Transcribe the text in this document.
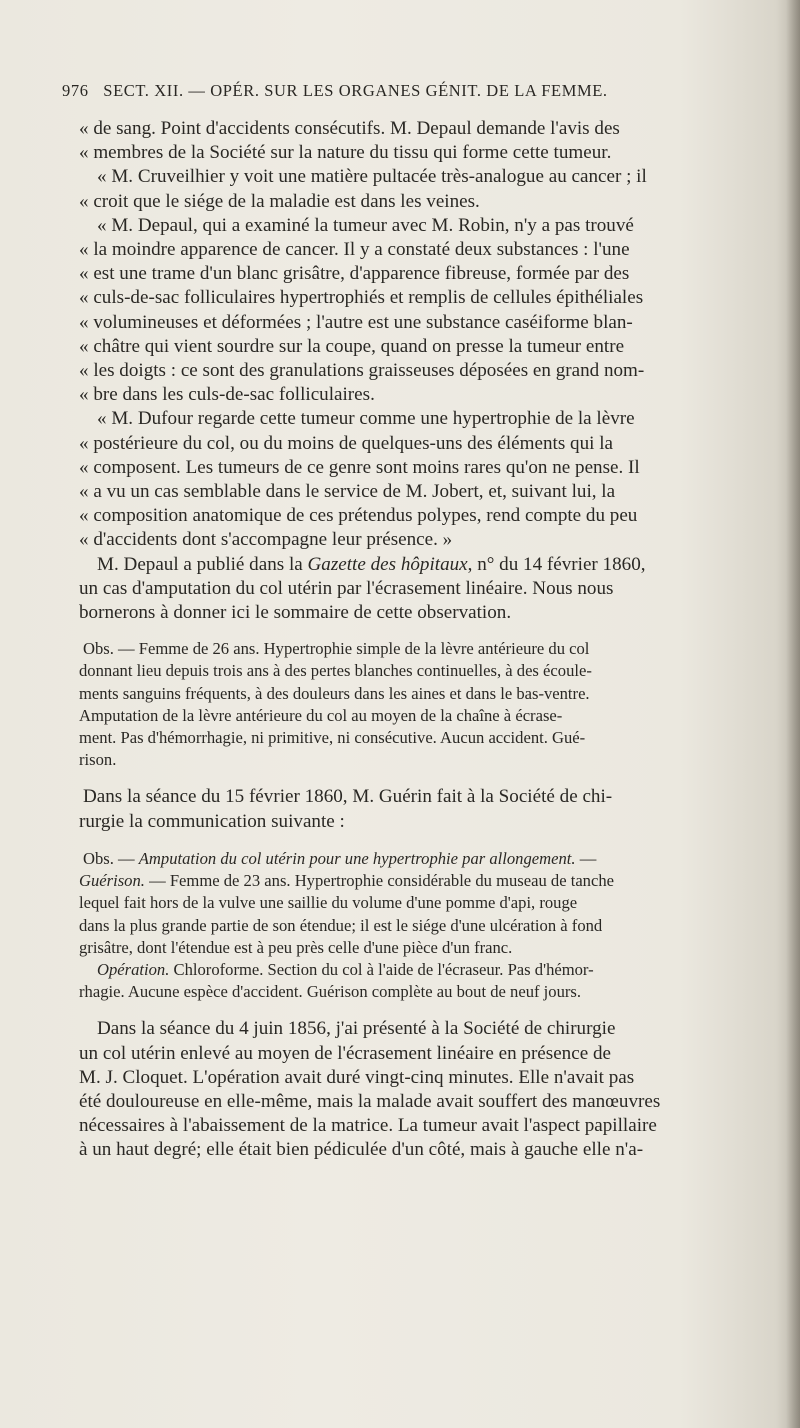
976 SECT. XII. — OPÉR. SUR LES ORGANES GÉNIT. DE LA FEMME.

« de sang. Point d'accidents consécutifs. M. Depaul demande l'avis des

« membres de la Société sur la nature du tissu qui forme cette tumeur.

« M. Cruveilhier y voit une matière pultacée très-analogue au cancer ; il

« croit que le siége de la maladie est dans les veines.

« M. Depaul, qui a examiné la tumeur avec M. Robin, n'y a pas trouvé

« la moindre apparence de cancer. Il y a constaté deux substances : l'une

« est une trame d'un blanc grisâtre, d'apparence fibreuse, formée par des

« culs-de-sac folliculaires hypertrophiés et remplis de cellules épithéliales

« volumineuses et déformées ; l'autre est une substance caséiforme blan-

« châtre qui vient sourdre sur la coupe, quand on presse la tumeur entre

« les doigts : ce sont des granulations graisseuses déposées en grand nom-

« bre dans les culs-de-sac folliculaires.

« M. Dufour regarde cette tumeur comme une hypertrophie de la lèvre

« postérieure du col, ou du moins de quelques-uns des éléments qui la

« composent. Les tumeurs de ce genre sont moins rares qu'on ne pense. Il

« a vu un cas semblable dans le service de M. Jobert, et, suivant lui, la

« composition anatomique de ces prétendus polypes, rend compte du peu

« d'accidents dont s'accompagne leur présence. »

M. Depaul a publié dans la Gazette des hôpitaux, n° du 14 février 1860,

un cas d'amputation du col utérin par l'écrasement linéaire. Nous nous

bornerons à donner ici le sommaire de cette observation.

Obs. — Femme de 26 ans. Hypertrophie simple de la lèvre antérieure du col

donnant lieu depuis trois ans à des pertes blanches continuelles, à des écoule-

ments sanguins fréquents, à des douleurs dans les aines et dans le bas-ventre.

Amputation de la lèvre antérieure du col au moyen de la chaîne à écrase-

ment. Pas d'hémorrhagie, ni primitive, ni consécutive. Aucun accident. Gué-

rison.

Dans la séance du 15 février 1860, M. Guérin fait à la Société de chi-

rurgie la communication suivante :

Obs. — Amputation du col utérin pour une hypertrophie par allongement. —

Guérison. — Femme de 23 ans. Hypertrophie considérable du museau de tanche

lequel fait hors de la vulve une saillie du volume d'une pomme d'api, rouge

dans la plus grande partie de son étendue; il est le siége d'une ulcération à fond

grisâtre, dont l'étendue est à peu près celle d'une pièce d'un franc.

Opération. Chloroforme. Section du col à l'aide de l'écraseur. Pas d'hémor-

rhagie. Aucune espèce d'accident. Guérison complète au bout de neuf jours.

Dans la séance du 4 juin 1856, j'ai présenté à la Société de chirurgie

un col utérin enlevé au moyen de l'écrasement linéaire en présence de

M. J. Cloquet. L'opération avait duré vingt-cinq minutes. Elle n'avait pas

été douloureuse en elle-même, mais la malade avait souffert des manœuvres

nécessaires à l'abaissement de la matrice. La tumeur avait l'aspect papillaire

à un haut degré; elle était bien pédiculée d'un côté, mais à gauche elle n'a-
